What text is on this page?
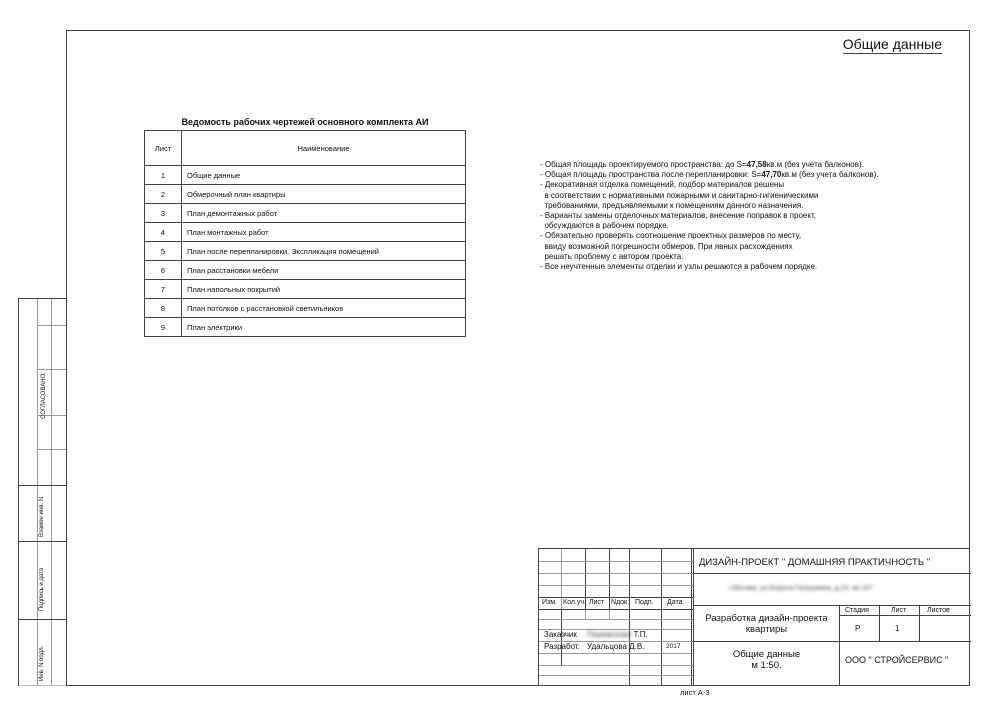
Общие данные
Ведомость рабочих чертежей основного комплекта АИ
Лист	Наименование
1	Общие данные
2	Обмерочный план квартиры
3	План демонтажных работ
4	План монтажных работ
5	План после перепланировки. Экспликация помещений
6	План расстановки мебели
7	План напольных покрытий
8	План потолков с расстановкой светильников
9	План электрики
- Общая площадь проектируемого пространства: до S=47,58кв.м (без учета балконов).
- Общая площадь пространства после перепланировки: S=47,70кв.м (без учета балконов).
- Декоративная отделка помещений, подбор материалов решены
в соответствии с нормативными пожарными и санитарно-гигиеническими
требованиями, предъявляемыми к помещениям данного назначения.
- Варианты замены отделочных материалов, внесение поправок в проект,
обсуждаются в рабочем порядке.
- Обязательно проверять соотношение проектных размеров по месту,
ввиду возможной погрешности обмеров. При явных расхождениях
решать проблему с автором проекта.
- Все неучтенные элементы отделки и узлы решаются в рабочем порядке.
СОГЛАСОВАНО:
Взамен инв. N
Подпись и дата
Инв. N подл.
ДИЗАЙН-ПРОЕКТ " ДОМАШНЯЯ ПРАКТИЧНОСТЬ "
г.Москва, ул.Бориса Галушкина, д.23, кв.107
Изм. Кол.уч. Лист Nдок. Подп. Дата
Заказчик Перевозова Т.П.
Разработ. Удальцова Д.В.	2017
Разработка дизайн-проекта
квартиры
Стадия	Лист	Листов
Р	1
Общие данные
м 1:50.	ООО " СТРОЙСЕРВИС "
лист А-3
